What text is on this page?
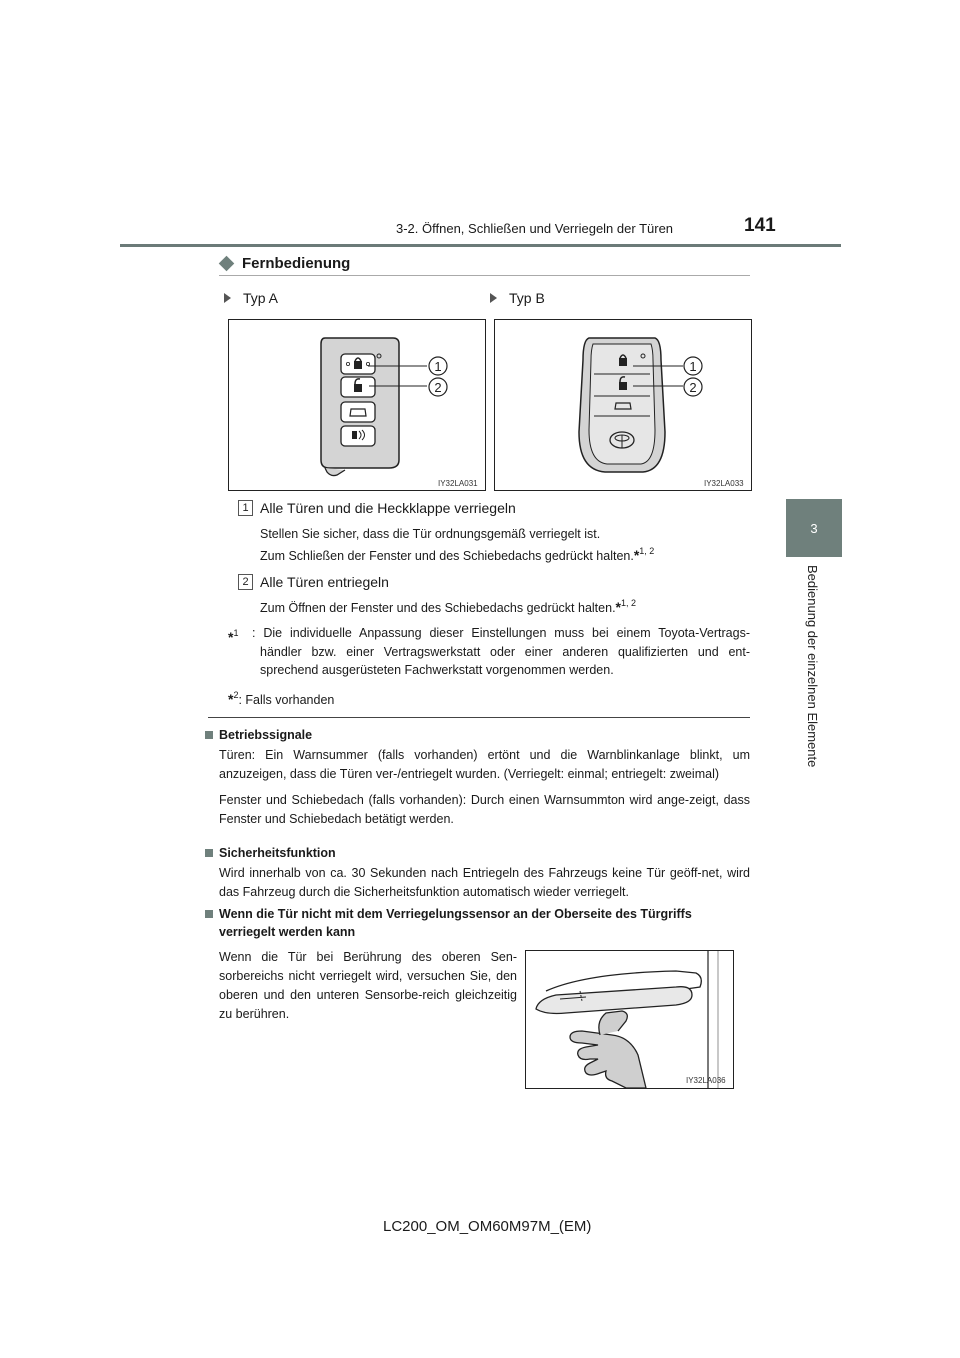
3-2. Öffnen, Schließen und Verriegeln der Türen	141
3
Bedienung der einzelnen Elemente
Fernbedienung
Typ A	Typ B
1
2
IY32LA031
1
2
IY32LA033
1 Alle Türen und die Heckklappe verriegeln
Stellen Sie sicher, dass die Tür ordnungsgemäß verriegelt ist.
Zum Schließen der Fenster und des Schiebedachs gedrückt halten.*$^{1, 2}$
2 Alle Türen entriegeln
Zum Öffnen der Fenster und des Schiebedachs gedrückt halten.*$^{1, 2}$
*$^1$ : Die individuelle Anpassung dieser Einstellungen muss bei einem Toyota-Vertrags-händler bzw. einer Vertragswerkstatt oder einer anderen qualifizierten und ent-sprechend ausgerüsteten Fachwerkstatt vorgenommen werden.
*$^2$: Falls vorhanden
Betriebssignale
Türen: Ein Warnsummer (falls vorhanden) ertönt und die Warnblinkanlage blinkt, um anzuzeigen, dass die Türen ver-/entriegelt wurden. (Verriegelt: einmal; entriegelt: zweimal)
Fenster und Schiebedach (falls vorhanden): Durch einen Warnsummton wird ange-zeigt, dass Fenster und Schiebedach betätigt werden.
Sicherheitsfunktion
Wird innerhalb von ca. 30 Sekunden nach Entriegeln des Fahrzeugs keine Tür geöff-net, wird das Fahrzeug durch die Sicherheitsfunktion automatisch wieder verriegelt.
Wenn die Tür nicht mit dem Verriegelungssensor an der Oberseite des Türgriffs verriegelt werden kann
Wenn die Tür bei Berührung des oberen Sen-sorbereichs nicht verriegelt wird, versuchen Sie, den oberen und den unteren Sensorbe-reich gleichzeitig zu berühren.
IY32LA036
LC200_OM_OM60M97M_(EM)
